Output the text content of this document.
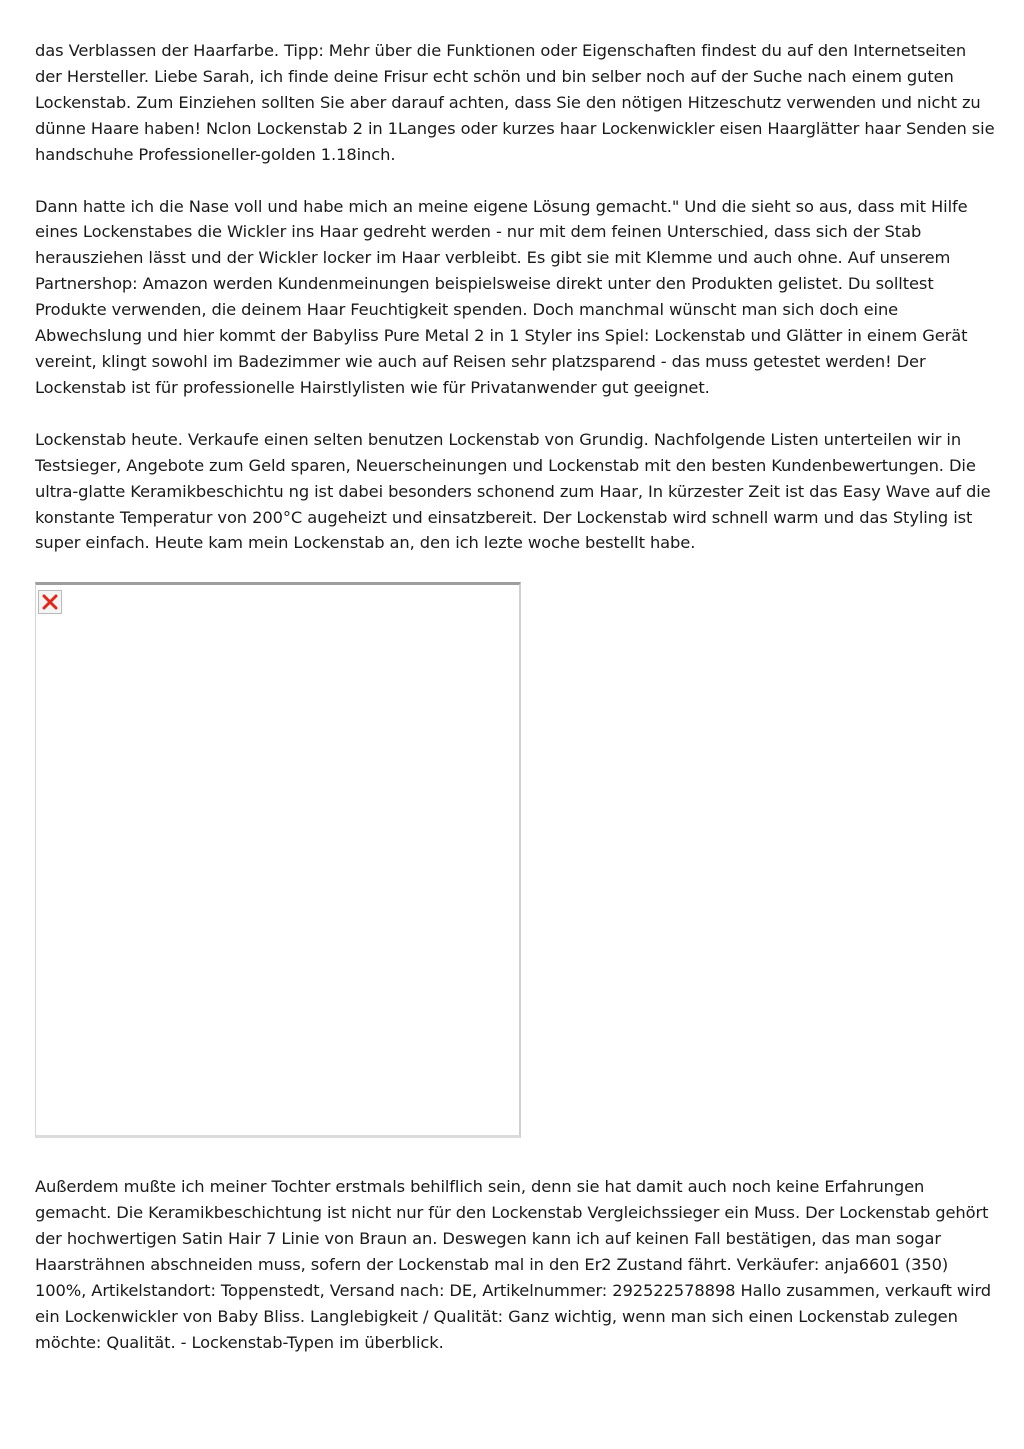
das Verblassen der Haarfarbe. Tipp: Mehr über die Funktionen oder Eigenschaften findest du auf den Internetseiten der Hersteller. Liebe Sarah, ich finde deine Frisur echt schön und bin selber noch auf der Suche nach einem guten Lockenstab. Zum Einziehen sollten Sie aber darauf achten, dass Sie den nötigen Hitzeschutz verwenden und nicht zu dünne Haare haben! Nclon Lockenstab 2 in 1Langes oder kurzes haar Lockenwickler eisen Haarglätter haar Senden sie handschuhe Professioneller-golden 1.18inch.

Dann hatte ich die Nase voll und habe mich an meine eigene Lösung gemacht." Und die sieht so aus, dass mit Hilfe eines Lockenstabes die Wickler ins Haar gedreht werden - nur mit dem feinen Unterschied, dass sich der Stab herausziehen lässt und der Wickler locker im Haar verbleibt. Es gibt sie mit Klemme und auch ohne. Auf unserem Partnershop: Amazon werden Kundenmeinungen beispielsweise direkt unter den Produkten gelistet. Du solltest Produkte verwenden, die deinem Haar Feuchtigkeit spenden. Doch manchmal wünscht man sich doch eine Abwechslung und hier kommt der Babyliss Pure Metal 2 in 1 Styler ins Spiel: Lockenstab und Glätter in einem Gerät vereint, klingt sowohl im Badezimmer wie auch auf Reisen sehr platzsparend - das muss getestet werden! Der Lockenstab ist für professionelle Hairstlylisten wie für Privatanwender gut geeignet.

Lockenstab heute. Verkaufe einen selten benutzen Lockenstab von Grundig. Nachfolgende Listen unterteilen wir in Testsieger, Angebote zum Geld sparen, Neuerscheinungen und Lockenstab mit den besten Kundenbewertungen. Die ultra-glatte Keramikbeschichtu ng ist dabei besonders schonend zum Haar, In kürzester Zeit ist das Easy Wave auf die konstante Temperatur von 200°C augeheizt und einsatzbereit. Der Lockenstab wird schnell warm und das Styling ist super einfach. Heute kam mein Lockenstab an, den ich lezte woche bestellt habe.

Außerdem mußte ich meiner Tochter erstmals behilflich sein, denn sie hat damit auch noch keine Erfahrungen gemacht. Die Keramikbeschichtung ist nicht nur für den Lockenstab Vergleichssieger ein Muss. Der Lockenstab gehört der hochwertigen Satin Hair 7 Linie von Braun an. Deswegen kann ich auf keinen Fall bestätigen, das man sogar Haarsträhnen abschneiden muss, sofern der Lockenstab mal in den Er2 Zustand fährt. Verkäufer: anja6601 (350) 100%, Artikelstandort: Toppenstedt, Versand nach: DE, Artikelnummer: 292522578898 Hallo zusammen, verkauft wird ein Lockenwickler von Baby Bliss. Langlebigkeit / Qualität: Ganz wichtig, wenn man sich einen Lockenstab zulegen möchte: Qualität. - Lockenstab-Typen im überblick.
